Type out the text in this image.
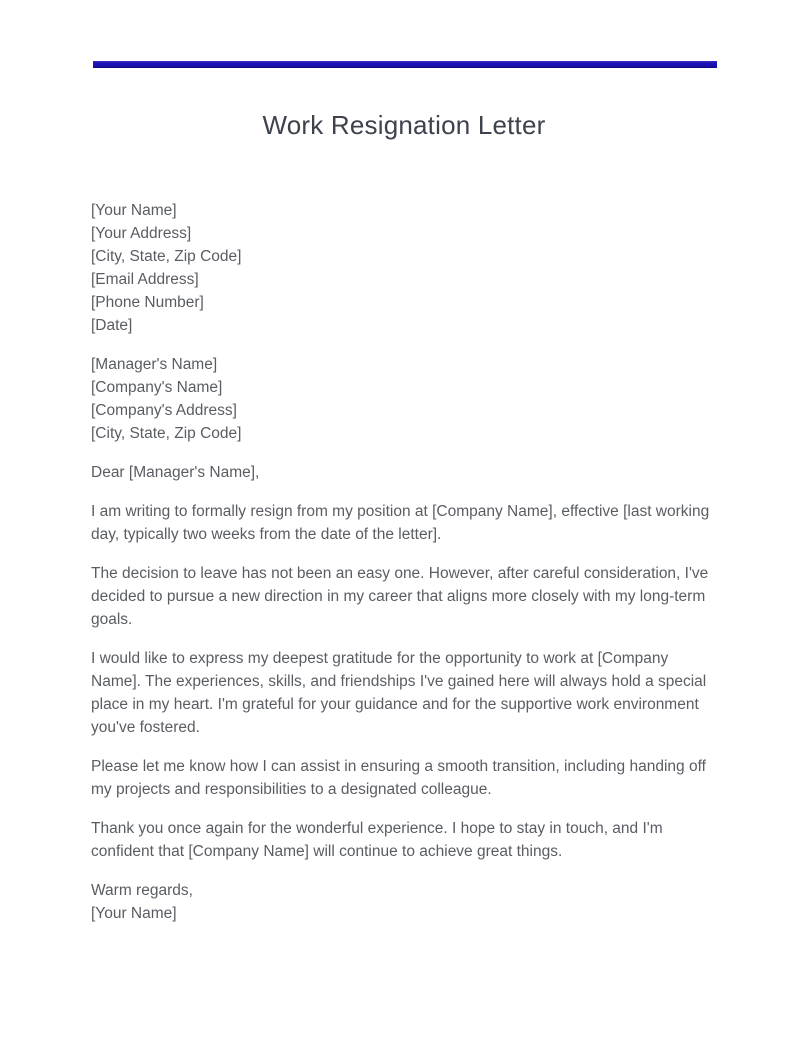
Work Resignation Letter
[Your Name]
[Your Address]
[City, State, Zip Code]
[Email Address]
[Phone Number]
[Date]
[Manager's Name]
[Company's Name]
[Company's Address]
[City, State, Zip Code]

Dear [Manager's Name],

I am writing to formally resign from my position at [Company Name], effective [last working day, typically two weeks from the date of the letter].

The decision to leave has not been an easy one. However, after careful consideration, I've decided to pursue a new direction in my career that aligns more closely with my long-term goals.

I would like to express my deepest gratitude for the opportunity to work at [Company Name]. The experiences, skills, and friendships I've gained here will always hold a special place in my heart. I'm grateful for your guidance and for the supportive work environment you've fostered.

Please let me know how I can assist in ensuring a smooth transition, including handing off my projects and responsibilities to a designated colleague.

Thank you once again for the wonderful experience. I hope to stay in touch, and I'm confident that [Company Name] will continue to achieve great things.

Warm regards,
[Your Name]
